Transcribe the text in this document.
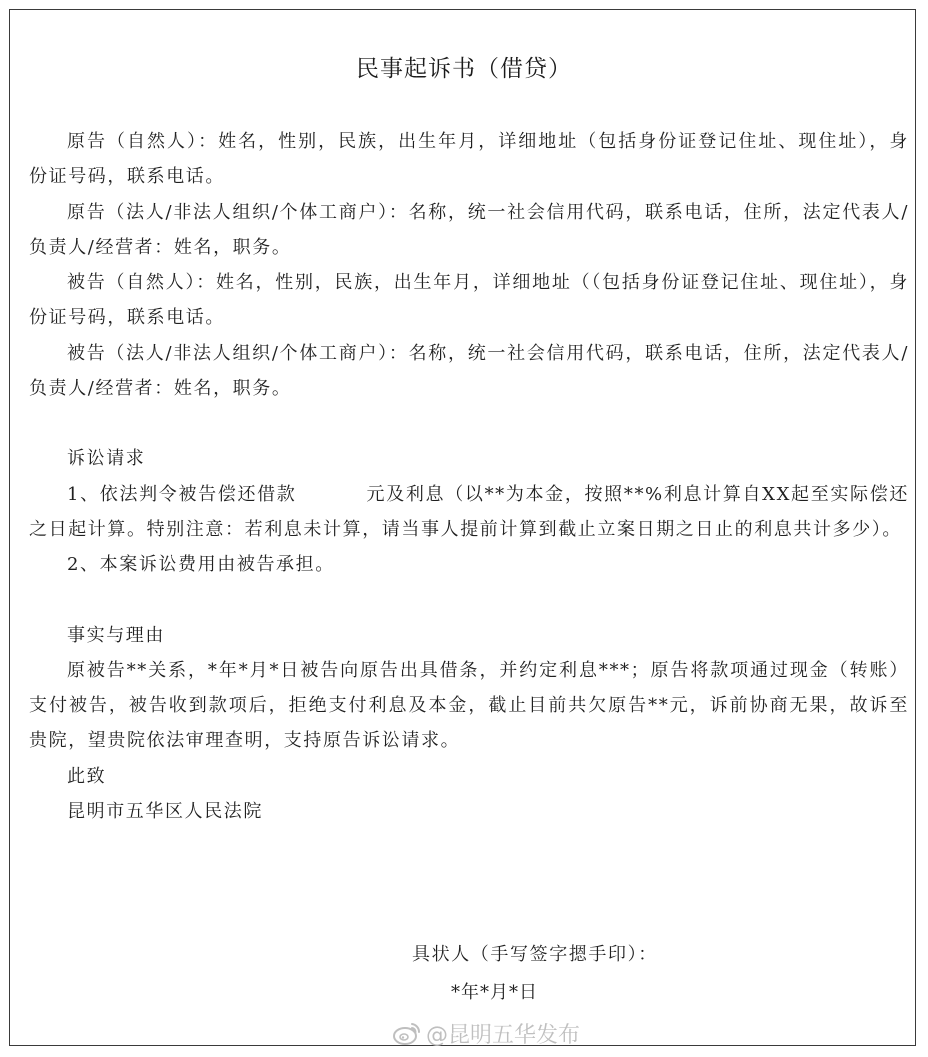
民事起诉书（借贷）

原告（自然人）：姓名，性别，民族，出生年月，详细地址（包括身份证登记住址、现住址），身份证号码，联系电话。

原告（法人/非法人组织/个体工商户）：名称，统一社会信用代码，联系电话，住所，法定代表人/负责人/经营者：姓名，职务。

被告（自然人）：姓名，性别，民族，出生年月，详细地址（（包括身份证登记住址、现住址），身份证号码，联系电话。

被告（法人/非法人组织/个体工商户）：名称，统一社会信用代码，联系电话，住所，法定代表人/负责人/经营者：姓名，职务。

诉讼请求

1、依法判令被告偿还借款	元及利息（以**为本金，按照**%利息计算自XX起至实际偿还之日起计算。特别注意：若利息未计算，请当事人提前计算到截止立案日期之日止的利息共计多少）。

2、本案诉讼费用由被告承担。

事实与理由

原被告**关系，*年*月*日被告向原告出具借条，并约定利息***；原告将款项通过现金（转账）支付被告，被告收到款项后，拒绝支付利息及本金，截止目前共欠原告**元，诉前协商无果，故诉至贵院，望贵院依法审理查明，支持原告诉讼请求。

此致

昆明市五华区人民法院

具状人（手写签字摁手印）：
*年*月*日
@昆明五华发布
